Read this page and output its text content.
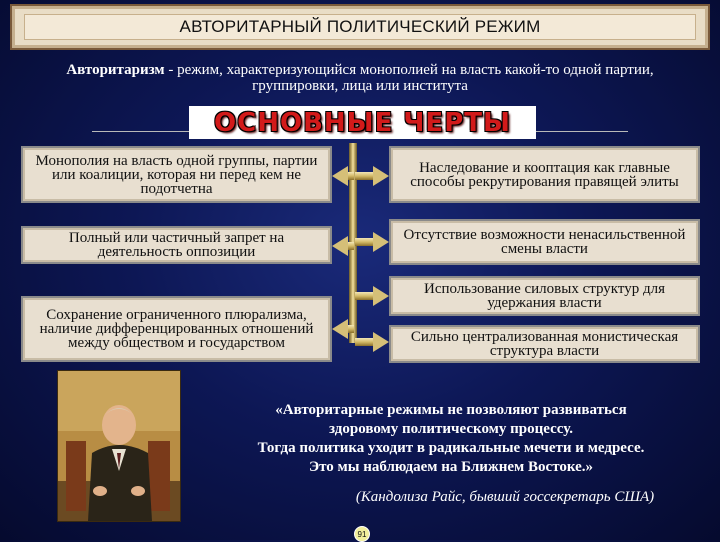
АВТОРИТАРНЫЙ ПОЛИТИЧЕСКИЙ РЕЖИМ
Авторитаризм - режим, характеризующийся монополией на власть какой-то одной партии, группировки, лица или института
ОСНОВНЫЕ ЧЕРТЫ
Монополия на власть одной группы, партии или коалиции, которая ни перед кем не подотчетна
Полный или частичный запрет на деятельность оппозиции
Сохранение ограниченного плюрализма, наличие дифференцированных отношений между обществом и государством
Наследование и кооптация как главные способы рекрутирования правящей элиты
Отсутствие возможности ненасильственной смены власти
Использование силовых структур для удержания власти
Сильно централизованная монистическая структура власти
«Авторитарные режимы не позволяют развиваться
здоровому политическому процессу.
Тогда политика уходит в радикальные мечети и медресе.
Это мы наблюдаем на Ближнем Востоке.»
(Кандолиза Райс, бывший госсекретарь США)
91
